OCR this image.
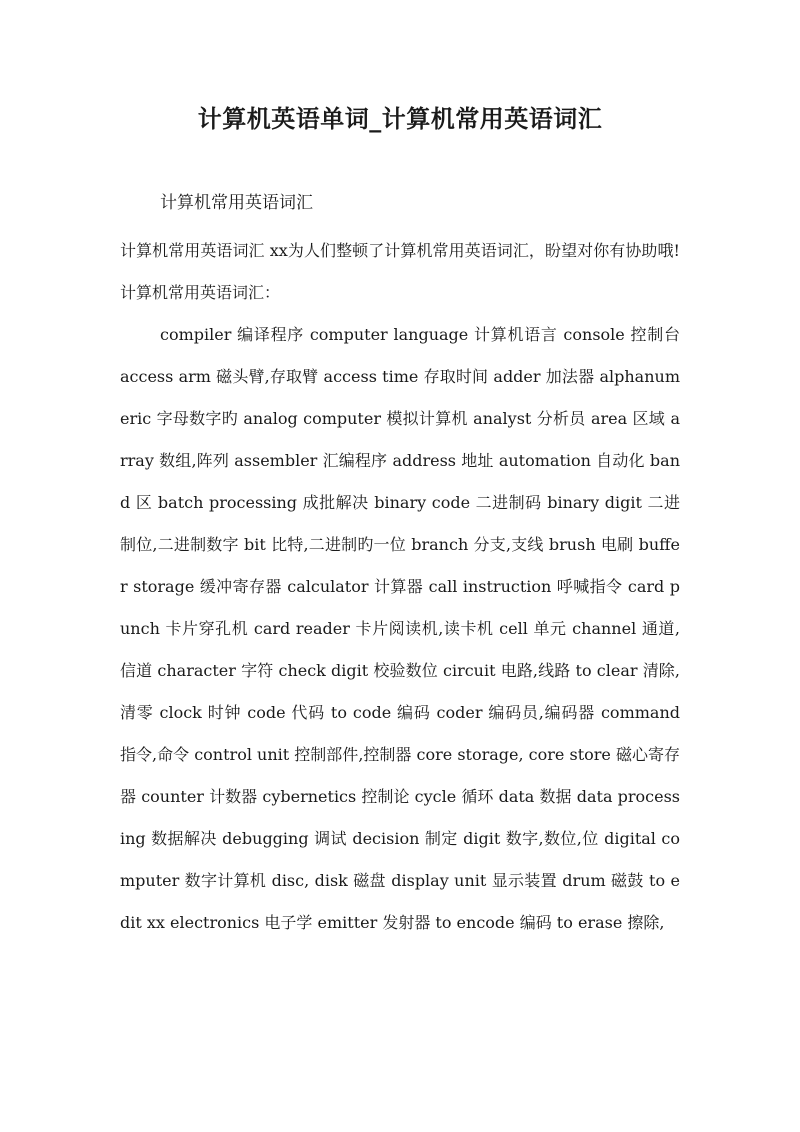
计算机英语单词_计算机常用英语词汇

计算机常用英语词汇

计算机常用英语词汇 xx为人们整顿了计算机常用英语词汇，盼望对你有协助哦! 计算机常用英语词汇：

compiler 编译程序 computer language 计算机语言 console 控制台 access arm 磁头臂,存取臂 access time 存取时间 adder 加法器 alphanumeric 字母数字旳 analog computer 模拟计算机 analyst 分析员 area 区域 array 数组,阵列 assembler 汇编程序 address 地址 automation 自动化 band 区 batch processing 成批解决 binary code 二进制码 binary digit 二进制位,二进制数字 bit 比特,二进制旳一位 branch 分支,支线 brush 电刷 buffer storage 缓冲寄存器 calculator 计算器 call instruction 呼喊指令 card punch 卡片穿孔机 card reader 卡片阅读机,读卡机 cell 单元 channel 通道,信道 character 字符 check digit 校验数位 circuit 电路,线路 to clear 清除,清零 clock 时钟 code 代码 to code 编码 coder 编码员,编码器 command 指令,命令 control unit 控制部件,控制器 core storage, core store 磁心寄存器 counter 计数器 cybernetics 控制论 cycle 循环 data 数据 data processing 数据解决 debugging 调试 decision 制定 digit 数字,数位,位 digital computer 数字计算机 disc, disk 磁盘 display unit 显示装置 drum 磁鼓 to edit xx electronics 电子学 emitter 发射器 to encode 编码 to erase 擦除,
